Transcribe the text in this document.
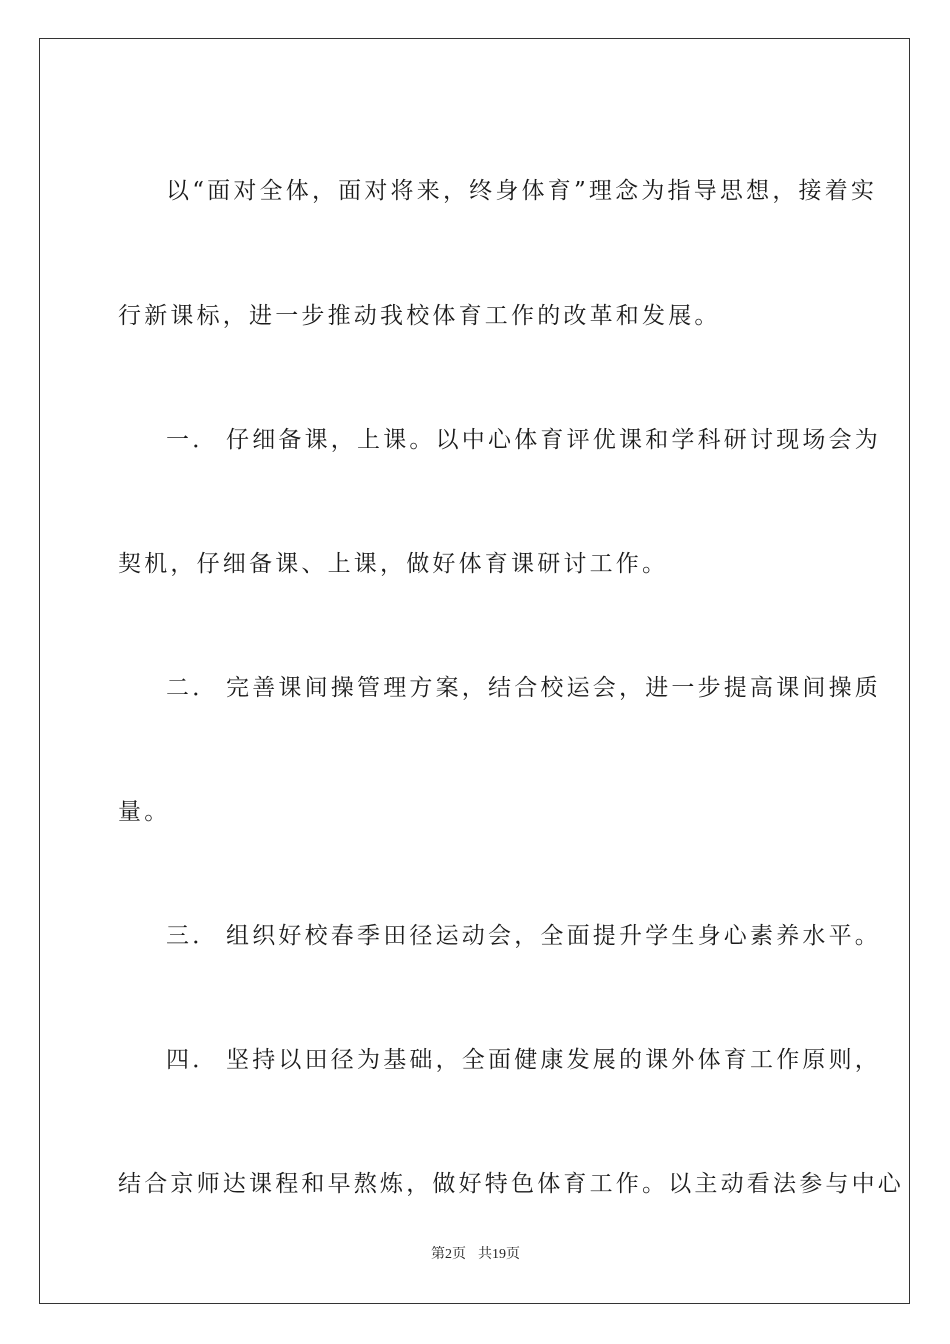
以“面对全体，面对将来，终身体育”理念为指导思想，接着实
行新课标，进一步推动我校体育工作的改革和发展。
一． 仔细备课，上课。以中心体育评优课和学科研讨现场会为
契机，仔细备课、上课，做好体育课研讨工作。
二． 完善课间操管理方案，结合校运会，进一步提高课间操质
量。
三． 组织好校春季田径运动会，全面提升学生身心素养水平。
四． 坚持以田径为基础，全面健康发展的课外体育工作原则，
结合京师达课程和早熬炼，做好特色体育工作。以主动看法参与中心
第2页 共19页
